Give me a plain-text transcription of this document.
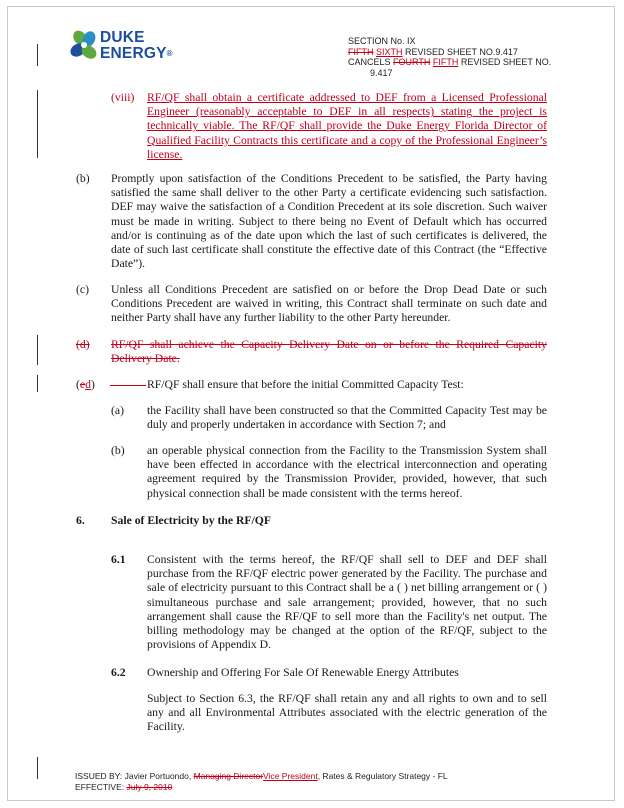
DUKE
ENERGY®
SECTION No. IX
FIFTH SIXTH REVISED SHEET NO.9.417
CANCELS FOURTH FIFTH REVISED SHEET NO.
9.417
(viii) RF/QF shall obtain a certificate addressed to DEF from a Licensed Professional Engineer (reasonably acceptable to DEF in all respects) stating the project is technically viable. The RF/QF shall provide the Duke Energy Florida Director of Qualified Facility Contracts this certificate and a copy of the Professional Engineer’s license.
(b) Promptly upon satisfaction of the Conditions Precedent to be satisfied, the Party having satisfied the same shall deliver to the other Party a certificate evidencing such satisfaction. DEF may waive the satisfaction of a Condition Precedent at its sole discretion. Such waiver must be made in writing. Subject to there being no Event of Default which has occurred and/or is continuing as of the date upon which the last of such certificates is delivered, the date of such last certificate shall constitute the effective date of this Contract (the “Effective Date”).
(c) Unless all Conditions Precedent are satisfied on or before the Drop Dead Date or such Conditions Precedent are waived in writing, this Contract shall terminate on such date and neither Party shall have any further liability to the other Party hereunder.
(d) RF/QF shall achieve the Capacity Delivery Date on or before the Required Capacity Delivery Date.
(ed)	RF/QF shall ensure that before the initial Committed Capacity Test:
(a) the Facility shall have been constructed so that the Committed Capacity Test may be duly and properly undertaken in accordance with Section 7; and
(b) an operable physical connection from the Facility to the Transmission System shall have been effected in accordance with the electrical interconnection and operating agreement required by the Transmission Provider, provided, however, that such physical connection shall be made consistent with the terms hereof.
6. Sale of Electricity by the RF/QF
6.1 Consistent with the terms hereof, the RF/QF shall sell to DEF and DEF shall purchase from the RF/QF electric power generated by the Facility. The purchase and sale of electricity pursuant to this Contract shall be a ( ) net billing arrangement or ( ) simultaneous purchase and sale arrangement; provided, however, that no such arrangement shall cause the RF/QF to sell more than the Facility's net output. The billing methodology may be changed at the option of the RF/QF, subject to the provisions of Appendix D.
6.2 Ownership and Offering For Sale Of Renewable Energy Attributes
Subject to Section 6.3, the RF/QF shall retain any and all rights to own and to sell any and all Environmental Attributes associated with the electric generation of the Facility.
ISSUED BY: Javier Portuondo, Managing DirectorVice President, Rates & Regulatory Strategy - FL
EFFECTIVE: July 9, 2010
